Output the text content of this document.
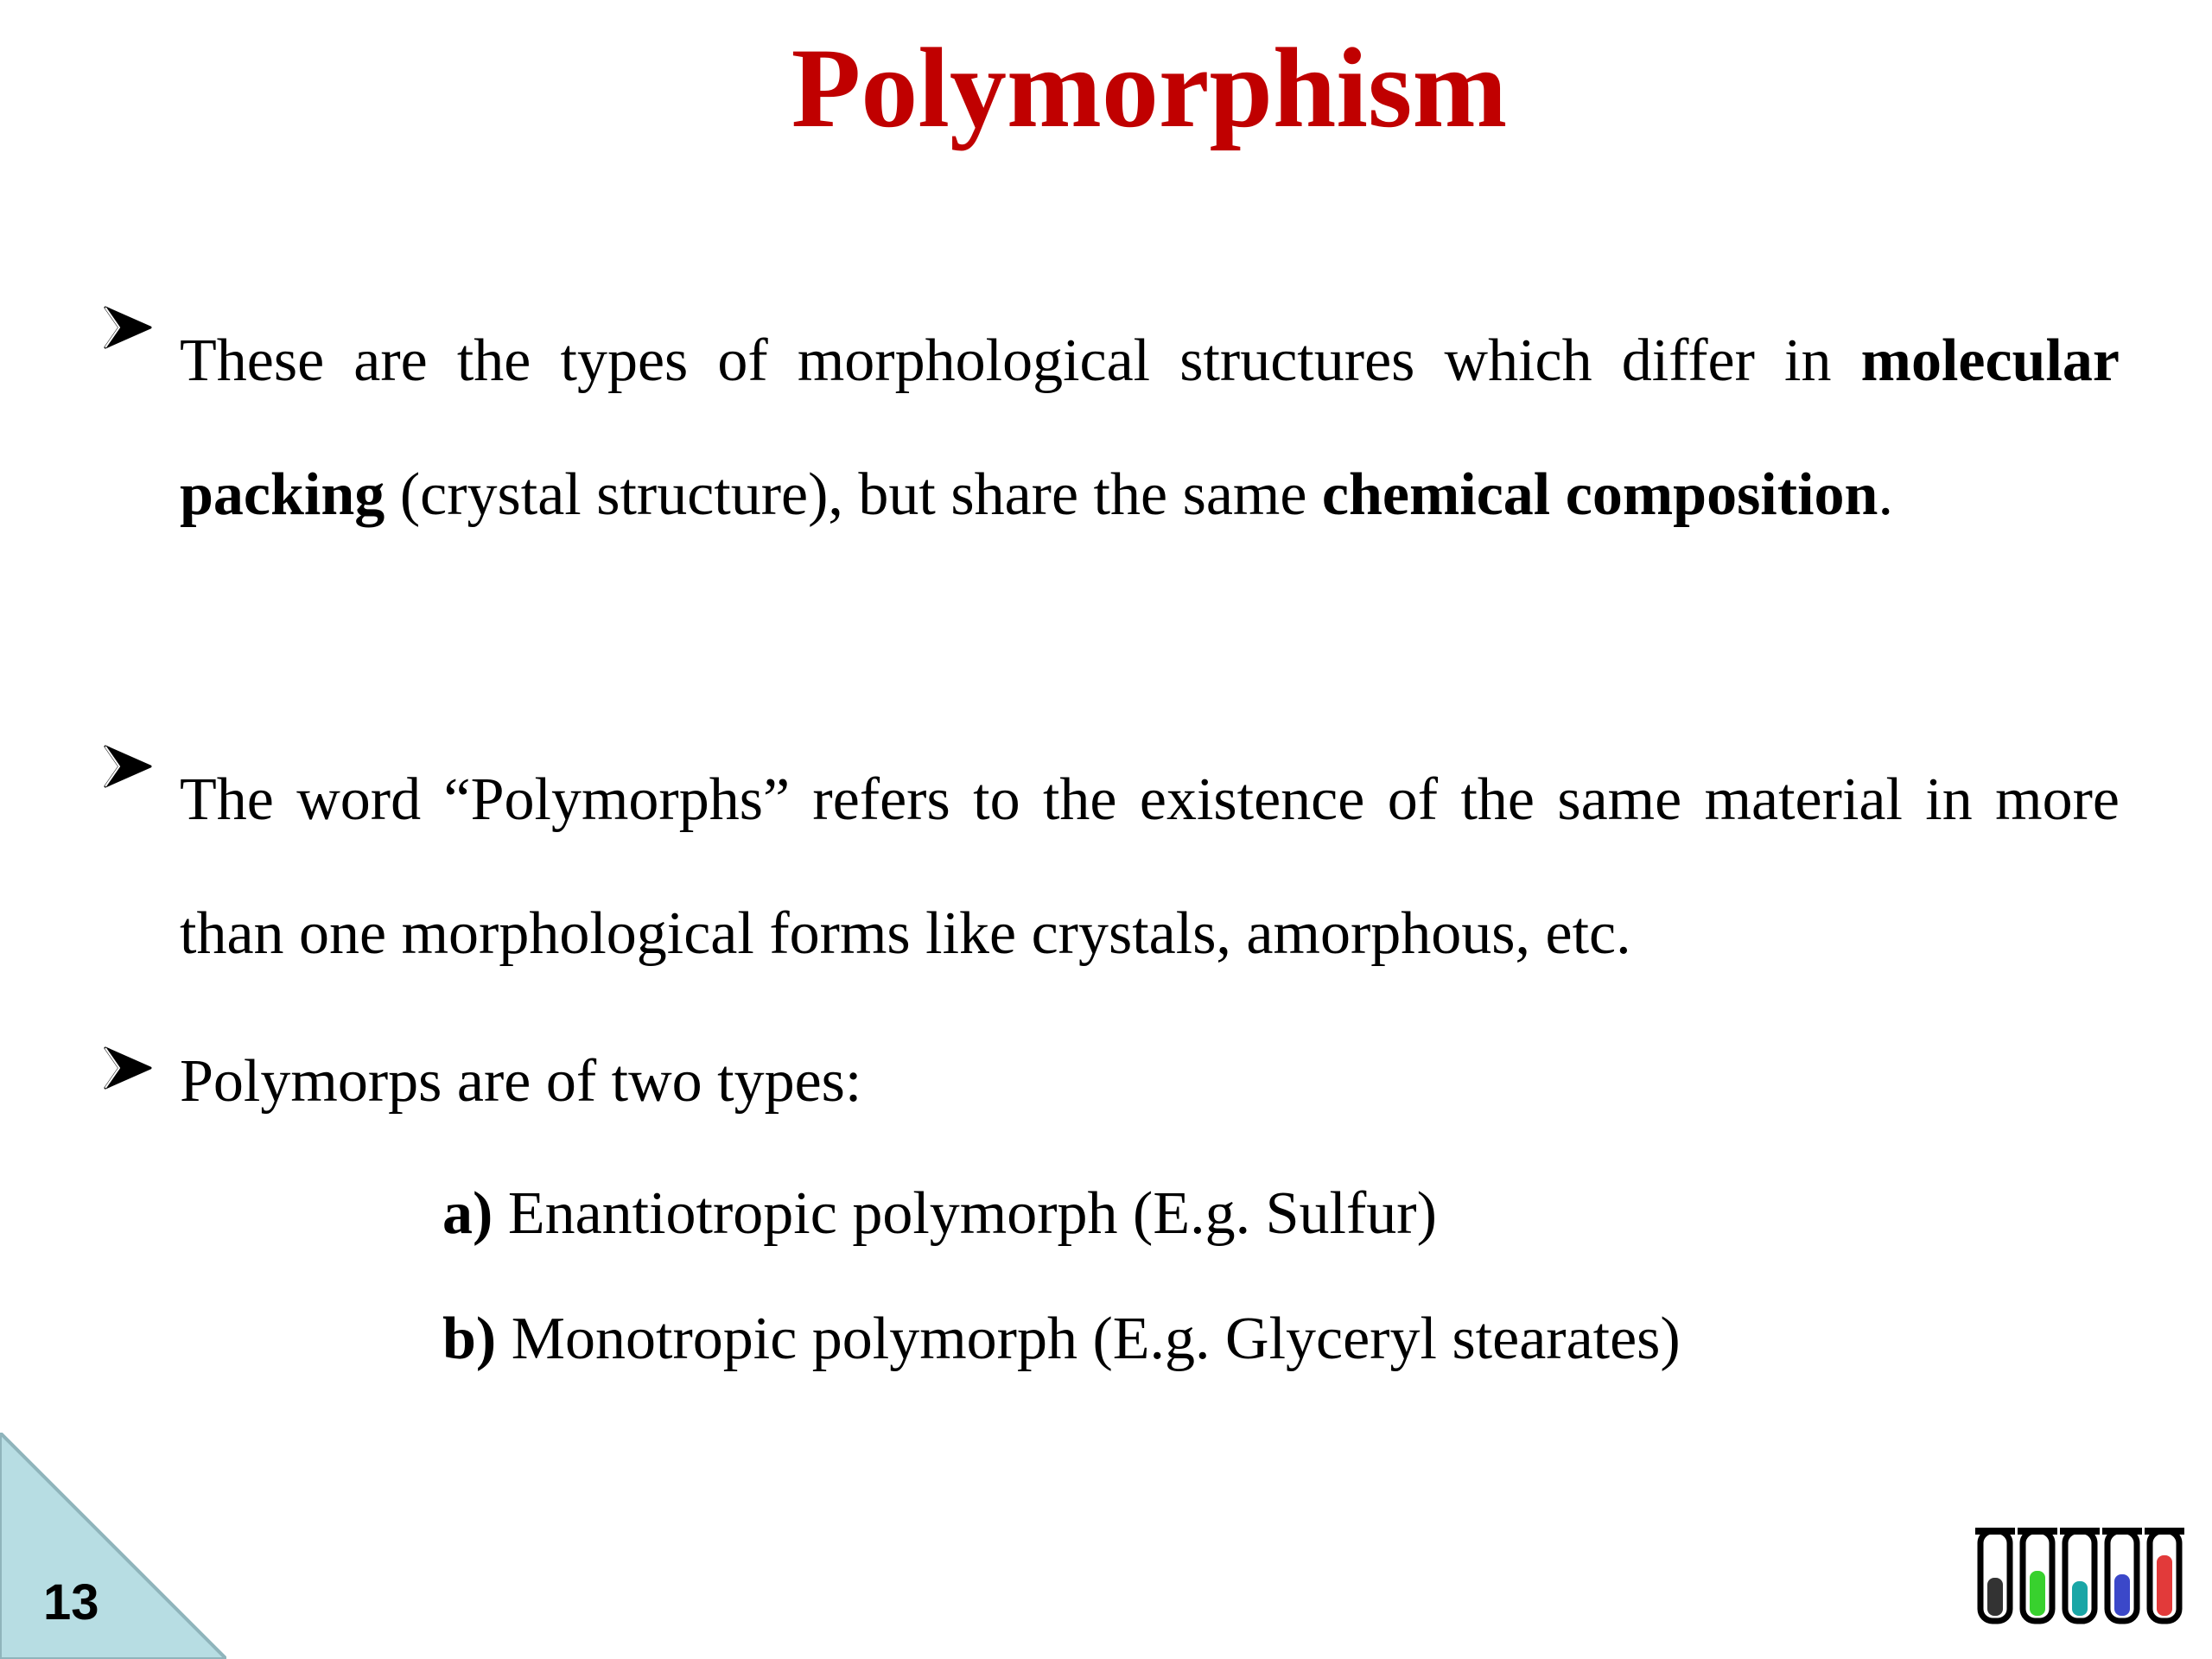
Polymorphism
These are the types of morphological structures which differ in molecular packing (crystal structure), but share the same chemical composition.
The word “Polymorphs” refers to the existence of the same material in more than one morphological forms like crystals, amorphous, etc.
Polymorps are of two types:
a) Enantiotropic polymorph (E.g. Sulfur)
b) Monotropic polymorph (E.g. Glyceryl stearates)
13
